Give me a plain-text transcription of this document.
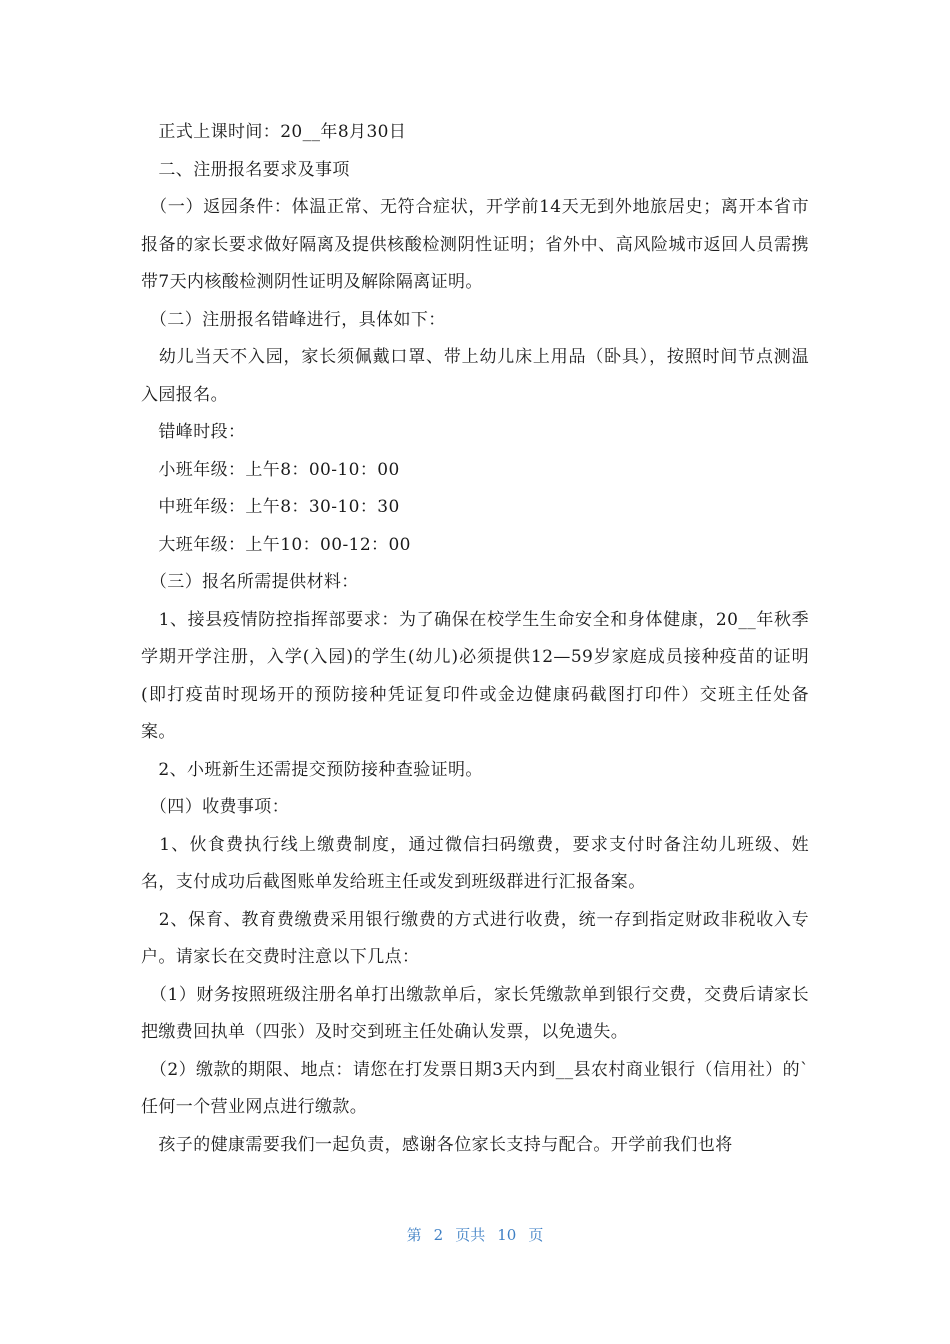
　正式上课时间：20__年8月30日

　二、注册报名要求及事项

　（一）返园条件：体温正常、无符合症状，开学前14天无到外地旅居史；离开本省市报备的家长要求做好隔离及提供核酸检测阴性证明；省外中、高风险城市返回人员需携带7天内核酸检测阴性证明及解除隔离证明。

　（二）注册报名错峰进行，具体如下：

　幼儿当天不入园，家长须佩戴口罩、带上幼儿床上用品（卧具），按照时间节点测温入园报名。

　错峰时段：

　小班年级：上午8：00-10：00

　中班年级：上午8：30-10：30

　大班年级：上午10：00-12：00

　（三）报名所需提供材料：

　1、接县疫情防控指挥部要求：为了确保在校学生生命安全和身体健康，20__年秋季学期开学注册，入学(入园)的学生(幼儿)必须提供12—59岁家庭成员接种疫苗的证明(即打疫苗时现场开的预防接种凭证复印件或金边健康码截图打印件）交班主任处备案。

　2、小班新生还需提交预防接种查验证明。

　（四）收费事项：

　1、伙食费执行线上缴费制度，通过微信扫码缴费，要求支付时备注幼儿班级、姓名，支付成功后截图账单发给班主任或发到班级群进行汇报备案。

　2、保育、教育费缴费采用银行缴费的方式进行收费，统一存到指定财政非税收入专户。请家长在交费时注意以下几点：

　（1）财务按照班级注册名单打出缴款单后，家长凭缴款单到银行交费，交费后请家长把缴费回执单（四张）及时交到班主任处确认发票，以免遗失。

　（2）缴款的期限、地点：请您在打发票日期3天内到__县农村商业银行（信用社）的`任何一个营业网点进行缴款。

　孩子的健康需要我们一起负责，感谢各位家长支持与配合。开学前我们也将

第 2 页共 10 页
